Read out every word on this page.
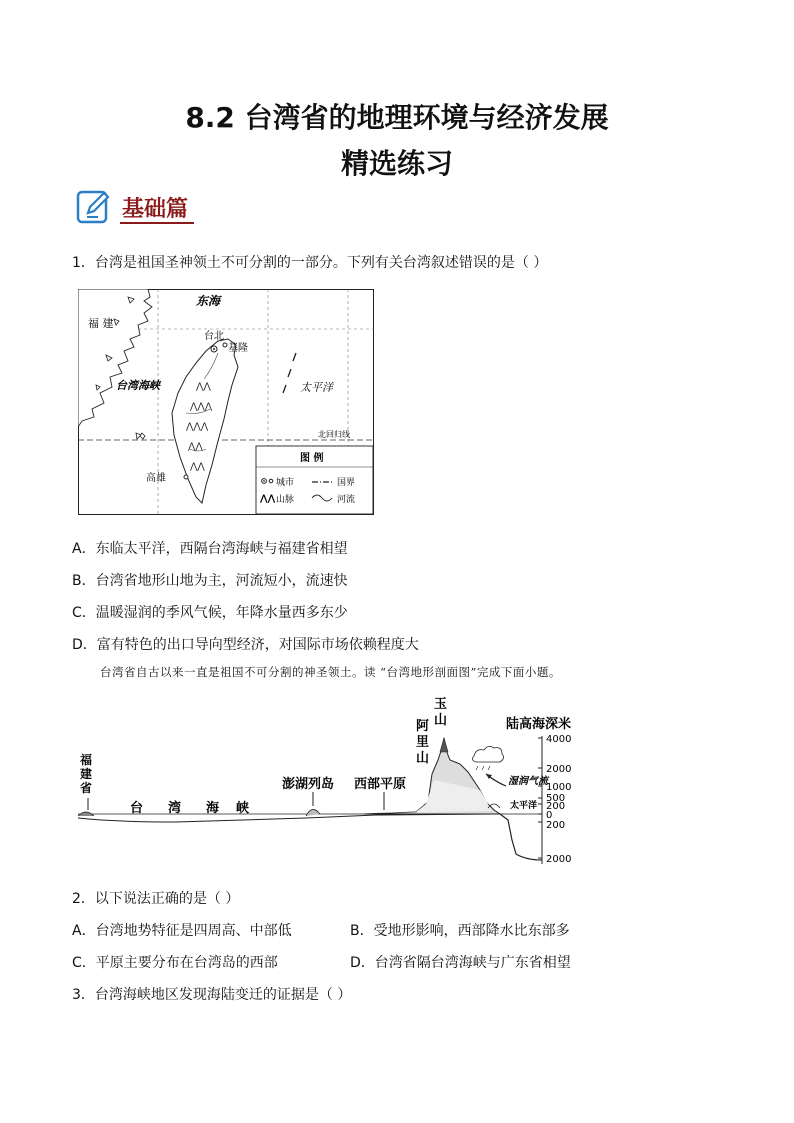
8.2 台湾省的地理环境与经济发展
精选练习
基础篇
1．台湾是祖国圣神领土不可分割的一部分。下列有关台湾叙述错误的是（ ）
⋀⋀
⋀⋀⋀
⋀⋀⋀
⋀⋀
⋀⋀
东海
福 建
台北
基隆
台湾海峡	太平洋
北回归线
高雄
图 例
城市	国界
⋀⋀ 山脉	河流
A．东临太平洋，西隔台湾海峡与福建省相望
B．台湾省地形山地为主，河流短小，流速快
C．温暖湿润的季风气候，年降水量西多东少
D．富有特色的出口导向型经济，对国际市场依赖程度大
台湾省自古以来一直是祖国不可分割的神圣领土。读 “台湾地形剖面图”完成下面小题。
4000
2000
1000
500
200
0
200
2000
陆高海深米
福
建
省
台 湾 海 峡
澎湖列岛 西部平原
阿
里
山
玉
山
湿润气流
太平洋
2．以下说法正确的是（ ）
A．台湾地势特征是四周高、中部低	B．受地形影响，西部降水比东部多
C．平原主要分布在台湾岛的西部	D．台湾省隔台湾海峡与广东省相望
3．台湾海峡地区发现海陆变迁的证据是（ ）
